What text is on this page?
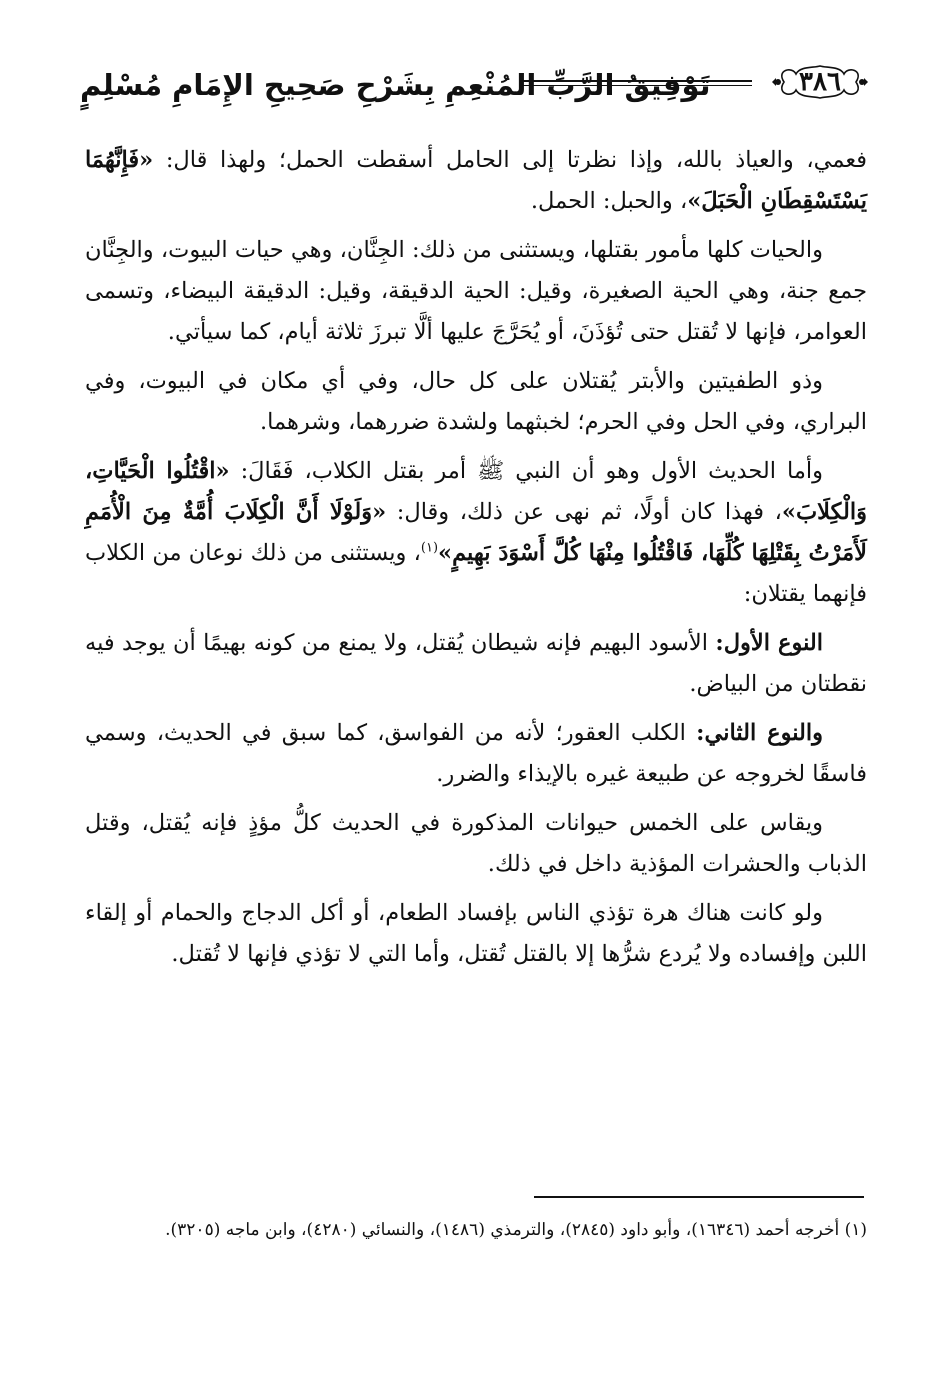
٣٨٦
تَوْفِيقُ الرَّبِّ المُنْعِمِ بِشَرْحِ صَحِيحِ الإِمَامِ مُسْلِمٍ

فعمي، والعياذ بالله، وإذا نظرتا إلى الحامل أسقطت الحمل؛ ولهذا قال: «فَإِنَّهُمَا يَسْتَسْقِطَانِ الْحَبَلَ»، والحبل: الحمل.

والحيات كلها مأمور بقتلها، ويستثنى من ذلك: الجِنَّان، وهي حيات البيوت، والجِنَّان جمع جنة، وهي الحية الصغيرة، وقيل: الحية الدقيقة، وقيل: الدقيقة البيضاء، وتسمى العوامر، فإنها لا تُقتل حتى تُؤذَنَ، أو يُحَرَّجَ عليها ألَّا تبرزَ ثلاثة أيام، كما سيأتي.

وذو الطفيتين والأبتر يُقتلان على كل حال، وفي أي مكان في البيوت، وفي البراري، وفي الحل وفي الحرم؛ لخبثهما ولشدة ضررهما، وشرهما.

وأما الحديث الأول وهو أن النبي ﷺ أمر بقتل الكلاب، فَقَالَ: «اقْتُلُوا الْحَيَّاتِ، وَالْكِلَابَ»، فهذا كان أولًا، ثم نهى عن ذلك، وقال: «وَلَوْلَا أَنَّ الْكِلَابَ أُمَّةٌ مِنَ الْأُمَمِ لَأَمَرْتُ بِقَتْلِهَا كُلِّهَا، فَاقْتُلُوا مِنْهَا كُلَّ أَسْوَدَ بَهِيمٍ»$^{(١)}$، ويستثنى من ذلك نوعان من الكلاب فإنهما يقتلان:

النوع الأول: الأسود البهيم فإنه شيطان يُقتل، ولا يمنع من كونه بهيمًا أن يوجد فيه نقطتان من البياض.

والنوع الثاني: الكلب العقور؛ لأنه من الفواسق، كما سبق في الحديث، وسمي فاسقًا لخروجه عن طبيعة غيره بالإيذاء والضرر.

ويقاس على الخمس حيوانات المذكورة في الحديث كلُّ مؤذٍ فإنه يُقتل، وقتل الذباب والحشرات المؤذية داخل في ذلك.

ولو كانت هناك هرة تؤذي الناس بإفساد الطعام، أو أكل الدجاج والحمام أو إلقاء اللبن وإفساده ولا يُردع شرُّها إلا بالقتل تُقتل، وأما التي لا تؤذي فإنها لا تُقتل.

(١) أخرجه أحمد (١٦٣٤٦)، وأبو داود (٢٨٤٥)، والترمذي (١٤٨٦)، والنسائي (٤٢٨٠)، وابن ماجه (٣٢٠٥).
